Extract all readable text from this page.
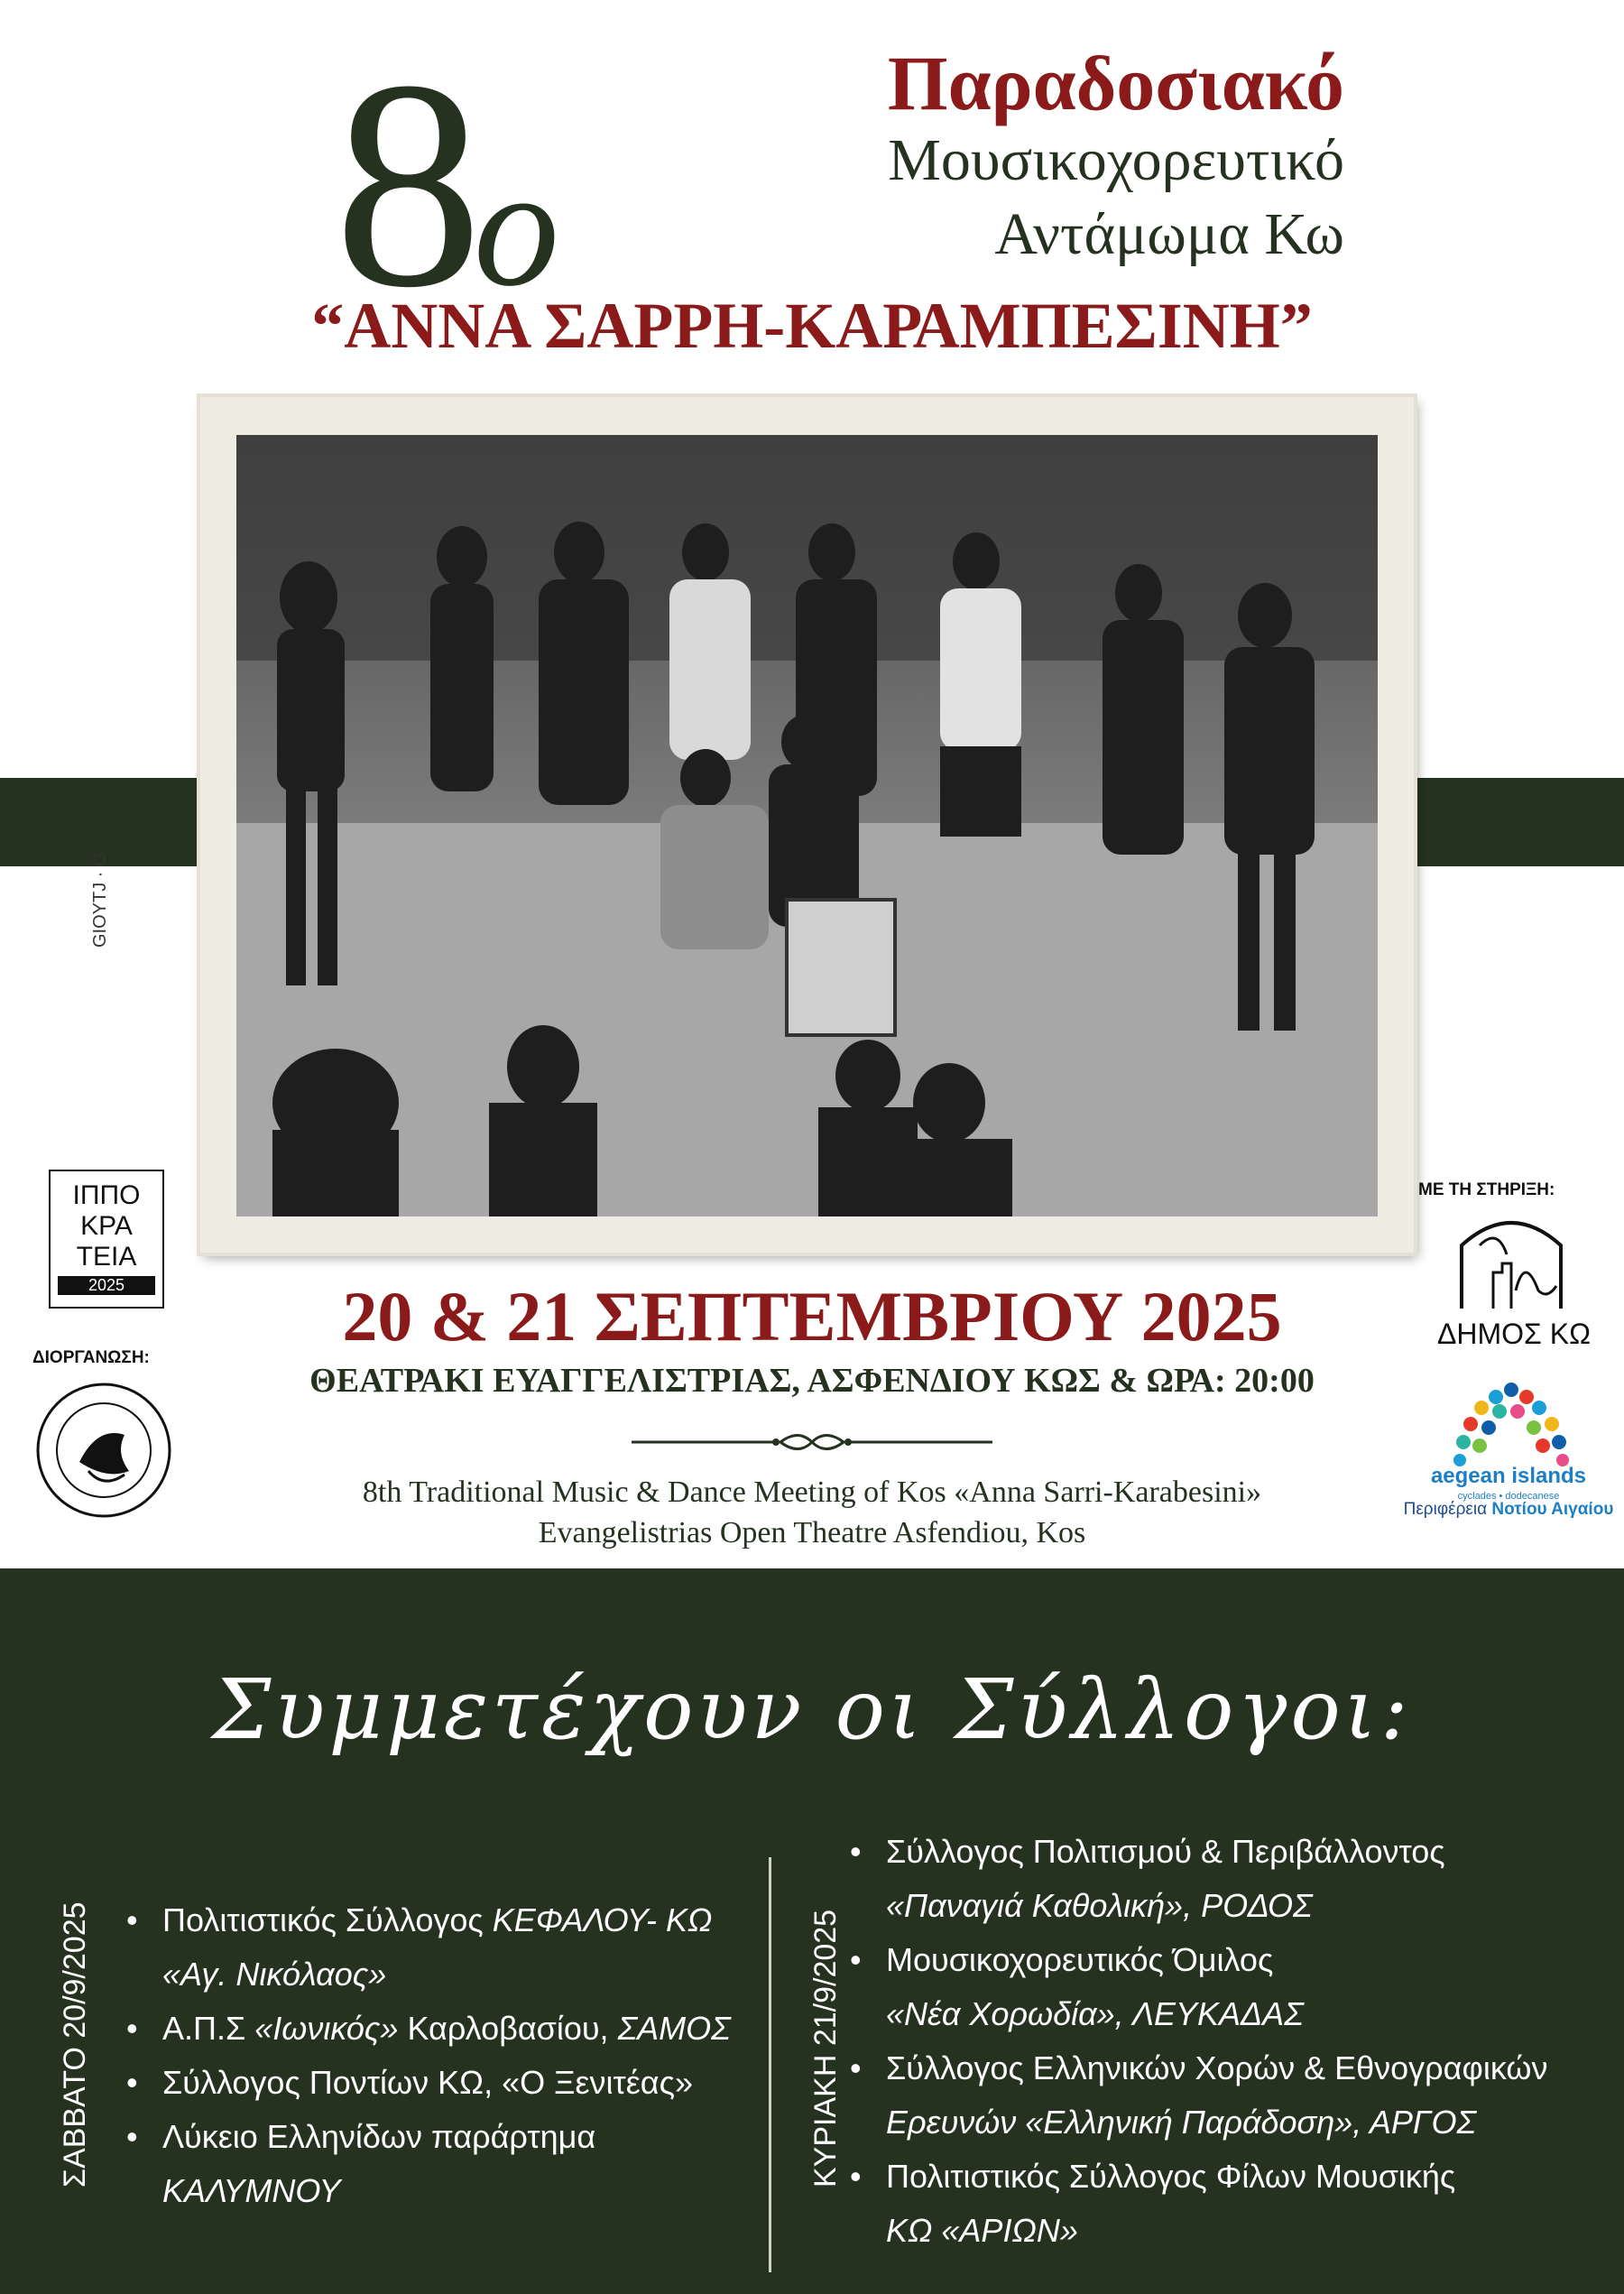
8ο
Παραδοσιακό
Μουσικοχορευτικό
Αντάμωμα Κω
“ΑΝΝΑ ΣΑΡΡΗ-ΚΑΡΑΜΠΕΣΙΝΗ”
GIOYTJ · G
ΙΠΠΟ
ΚΡΑ
ΤΕΙΑ
2025
ΜΕ ΤΗ ΣΤΗΡΙΞΗ:
ΔΙΟΡΓΑΝΩΣΗ:
ΔΗΜΟΣ ΚΩ
aegean islands
cyclades • dodecanese
Περιφέρεια Νοτίου Αιγαίου
20 & 21 ΣΕΠΤΕΜΒΡΙΟΥ 2025
ΘΕΑΤΡΑΚΙ ΕΥΑΓΓΕΛΙΣΤΡΙΑΣ, ΑΣΦΕΝΔΙΟΥ ΚΩΣ & ΩΡΑ: 20:00
8th Traditional Music & Dance Meeting of Kos «Anna Sarri-Karabesini»
Evangelistrias Open Theatre Asfendiou, Kos
Συμμετέχουν οι Σύλλογοι:
ΣΑΒΒΑΤΟ 20/9/2025	ΚΥΡΙΑΚΗ 21/9/2025
• Πολιτιστικός Σύλλογος ΚΕΦΑΛΟΥ- ΚΩ
«Αγ. Νικόλαος»
• Α.Π.Σ «Ιωνικός» Καρλοβασίου, ΣΑΜΟΣ
• Σύλλογος Ποντίων ΚΩ, «Ο Ξενιτέας»
• Λύκειο Ελληνίδων παράρτημα ΚΑΛΥΜΝΟΥ
• Σύλλογος Πολιτισμού & Περιβάλλοντος
«Παναγιά Καθολική», ΡΟΔΟΣ
• Μουσικοχορευτικός Όμιλος
«Νέα Χορωδία», ΛΕΥΚΑΔΑΣ
• Σύλλογος Ελληνικών Χορών & Εθνογραφικών
Ερευνών «Ελληνική Παράδοση», ΑΡΓΟΣ
• Πολιτιστικός Σύλλογος Φίλων Μουσικής
ΚΩ «ΑΡΙΩΝ»
